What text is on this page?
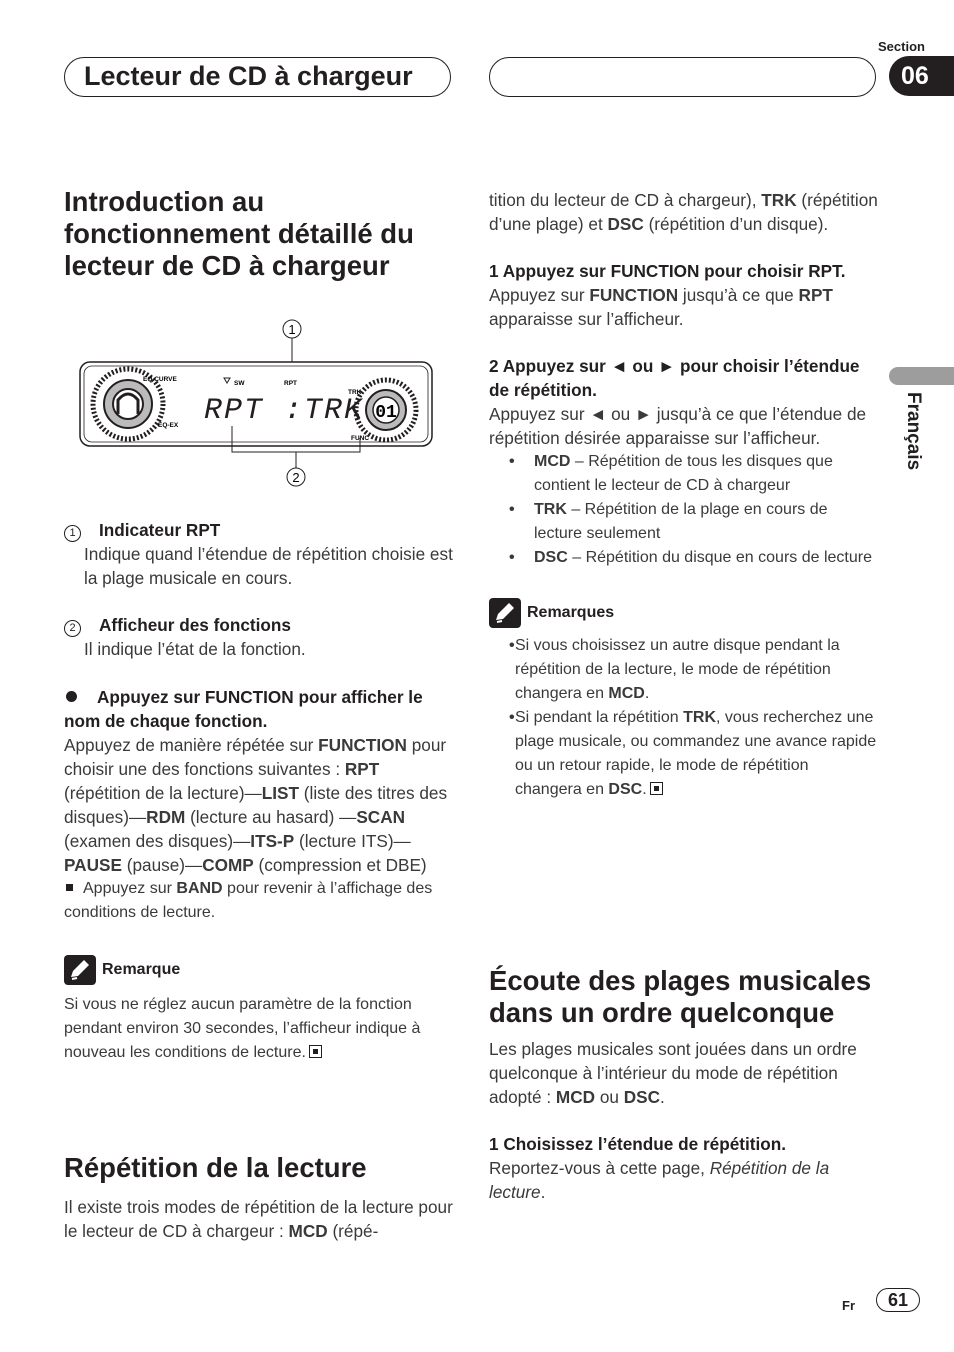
Lecteur de CD à chargeur
Section
06
Français
Introduction au fonctionnement détaillé du lecteur de CD à chargeur
1
EQ CURVE
EQ-EX
SW	RPT
TRK
FUNC
RPT :TRK 01
2

1 Indicateur RPT

Indique quand l’étendue de répétition choisie est la plage musicale en cours.

2 Afficheur des fonctions

Il indique l’état de la fonction.

Appuyez sur FUNCTION pour afficher le nom de chaque fonction.

Appuyez de manière répétée sur FUNCTION pour choisir une des fonctions suivantes : RPT (répétition de la lecture)—LIST (liste des titres des disques)—RDM (lecture au hasard) —SCAN (examen des disques)—ITS-P (lecture ITS)—PAUSE (pause)—COMP (compression et DBE)

Appuyez sur BAND pour revenir à l’affichage des conditions de lecture.

Remarque

Si vous ne réglez aucun paramètre de la fonction pendant environ 30 secondes, l’afficheur indique à nouveau les conditions de lecture.

Répétition de la lecture

Il existe trois modes de répétition de la lecture pour le lecteur de CD à chargeur : MCD (répé-

tition du lecteur de CD à chargeur), TRK (répétition d’une plage) et DSC (répétition d’un disque).

1 Appuyez sur FUNCTION pour choisir RPT.

Appuyez sur FUNCTION jusqu’à ce que RPT apparaisse sur l’afficheur.

2 Appuyez sur ◄ ou ► pour choisir l’étendue de répétition.

Appuyez sur ◄ ou ► jusqu’à ce que l’étendue de répétition désirée apparaisse sur l’afficheur.

• MCD – Répétition de tous les disques que contient le lecteur de CD à chargeur
• TRK – Répétition de la plage en cours de lecture seulement
• DSC – Répétition du disque en cours de lecture
Remarques
• Si vous choisissez un autre disque pendant la répétition de la lecture, le mode de répétition changera en MCD.
• Si pendant la répétition TRK, vous recherchez une plage musicale, ou commandez une avance rapide ou un retour rapide, le mode de répétition changera en DSC.
Écoute des plages musicales dans un ordre quelconque

Les plages musicales sont jouées dans un ordre quelconque à l’intérieur du mode de répétition adopté : MCD ou DSC.

1 Choisissez l’étendue de répétition.

Reportez-vous à cette page, Répétition de la lecture.

Fr	61
